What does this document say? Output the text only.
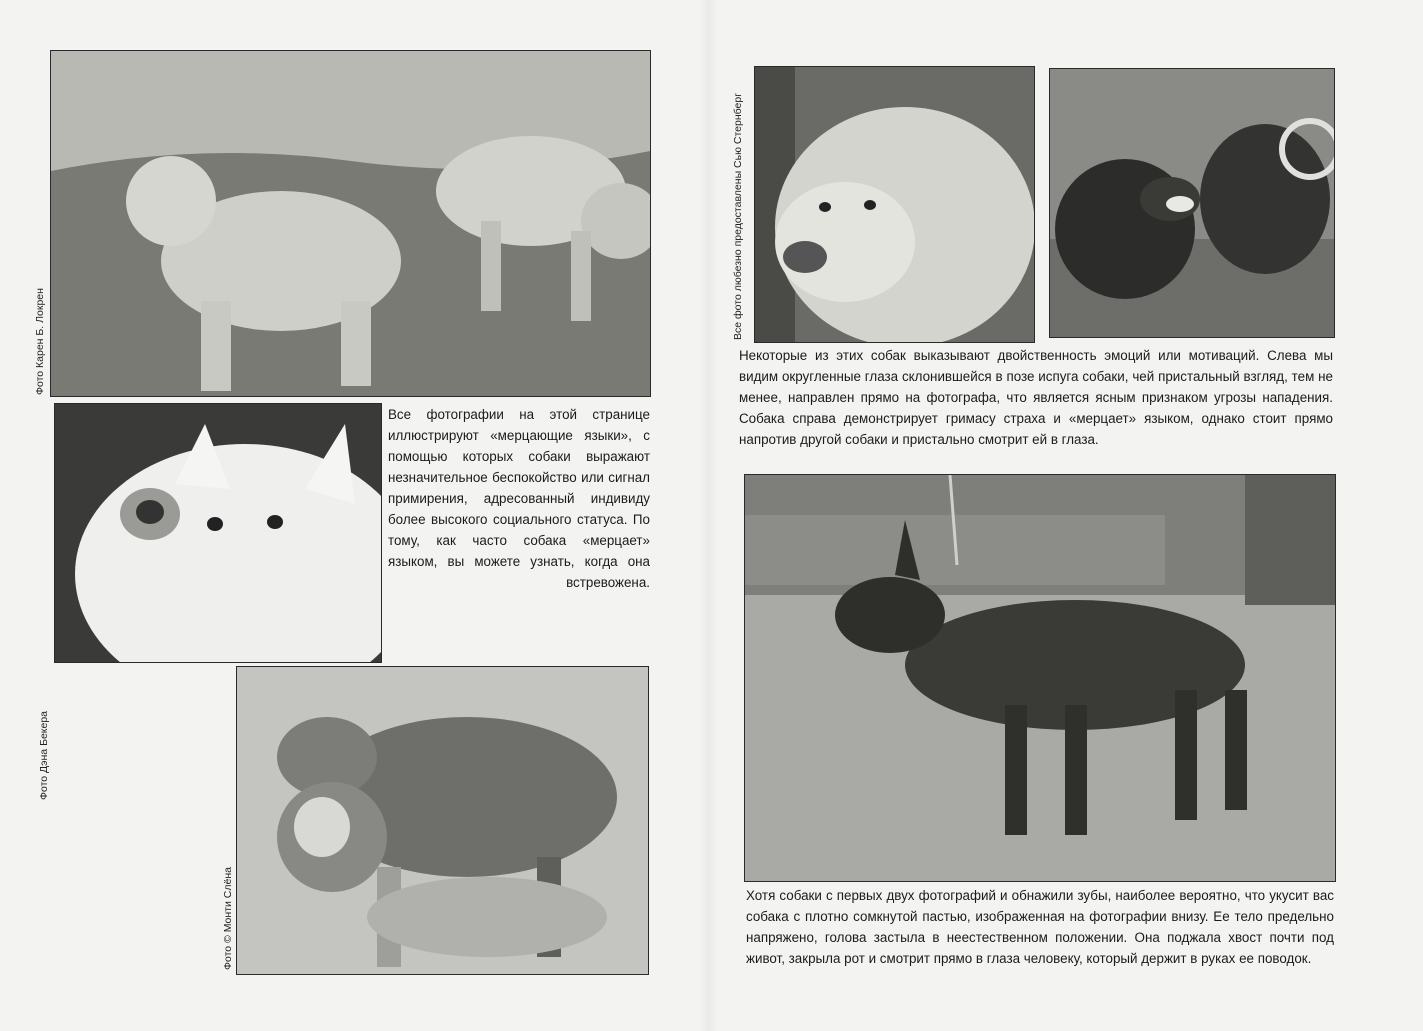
Фото Карен Б. Локрен
Фото Дэна Бекера
Все фотографии на этой странице иллюстрируют «мерцающие языки», с помощью которых собаки выражают незначительное беспокойство или сигнал примирения, адресованный индивиду более высокого социального статуса. По тому, как часто собака «мерцает» языком, вы можете узнать, когда она встревожена.
Фото © Монти Слёна
Все фото любезно предоставлены Сью Стернберг
Некоторые из этих собак выказывают двойственность эмоций или мотиваций. Слева мы видим округленные глаза склонившейся в позе испуга собаки, чей пристальный взгляд, тем не менее, направлен прямо на фотографа, что является ясным признаком угрозы нападения. Собака справа демонстрирует гримасу страха и «мерцает» языком, однако стоит прямо напротив другой собаки и пристально смотрит ей в глаза.
Хотя собаки с первых двух фотографий и обнажили зубы, наиболее вероятно, что укусит вас собака с плотно сомкнутой пастью, изображенная на фотографии внизу. Ее тело предельно напряжено, голова застыла в неестественном положении. Она поджала хвост почти под живот, закрыла рот и смотрит прямо в глаза человеку, который держит в руках ее поводок.
